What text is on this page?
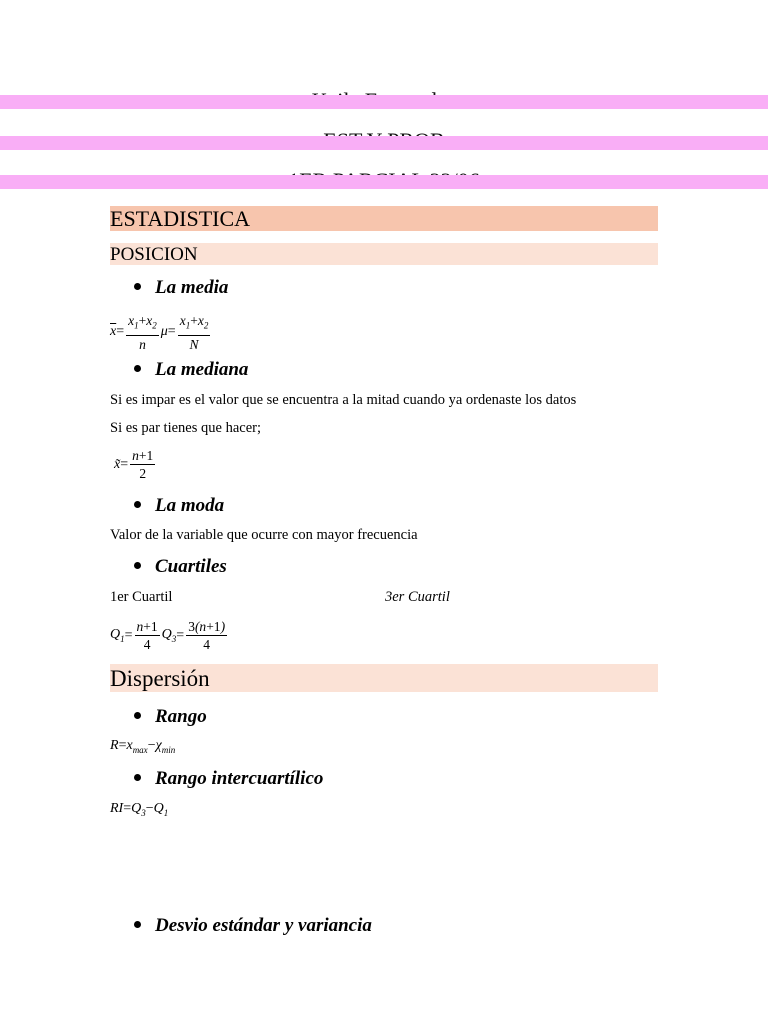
ESTADISTICA
POSICION
La media
$\overline{x} = \frac{x_1+x_2}{n}$ $\mu = \frac{x_1+x_2}{N}$
La mediana
Si es impar es el valor que se encuentra a la mitad cuando ya ordenaste los datos
Si es par tienes que hacer;
x̃ = $\frac{n+1}{2}$
La moda
Valor de la variable que ocurre con mayor frecuencia
Cuartiles
1er Cuartil	3er Cuartil
$Q_1 = \frac{n+1}{4} Q_3 = \frac{3(n+1)}{4}$
Dispersión
Rango
$R = x_{max} - \chi_{min}$
Rango intercuartílico
RI = $Q_3 - Q_1$
Desvio estándar y variancia
